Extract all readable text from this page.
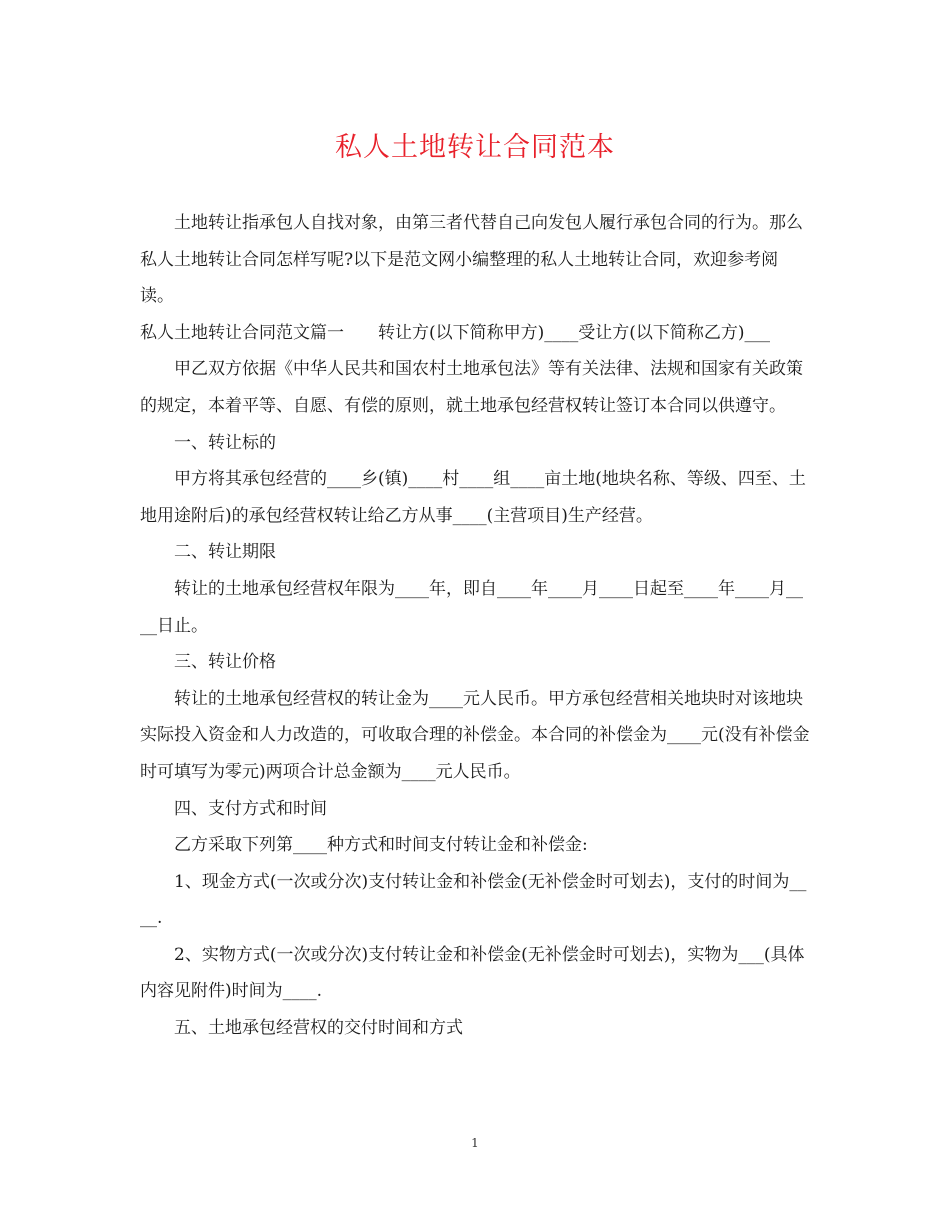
私人土地转让合同范本

土地转让指承包人自找对象，由第三者代替自己向发包人履行承包合同的行为。那么私人土地转让合同怎样写呢?以下是范文网小编整理的私人土地转让合同，欢迎参考阅读。

私人土地转让合同范文篇一　　转让方(以下简称甲方)____受让方(以下简称乙方)___

甲乙双方依据《中华人民共和国农村土地承包法》等有关法律、法规和国家有关政策的规定，本着平等、自愿、有偿的原则，就土地承包经营权转让签订本合同以供遵守。

一、转让标的

甲方将其承包经营的____乡(镇)____村____组____亩土地(地块名称、等级、四至、土地用途附后)的承包经营权转让给乙方从事____(主营项目)生产经营。

二、转让期限

转让的土地承包经营权年限为____年，即自____年____月____日起至____年____月____日止。

三、转让价格

转让的土地承包经营权的转让金为____元人民币。甲方承包经营相关地块时对该地块实际投入资金和人力改造的，可收取合理的补偿金。本合同的补偿金为____元(没有补偿金时可填写为零元)两项合计总金额为____元人民币。

四、支付方式和时间

乙方采取下列第____种方式和时间支付转让金和补偿金:

1、现金方式(一次或分次)支付转让金和补偿金(无补偿金时可划去)，支付的时间为____.

2、实物方式(一次或分次)支付转让金和补偿金(无补偿金时可划去)，实物为___(具体内容见附件)时间为____.

五、土地承包经营权的交付时间和方式

1
